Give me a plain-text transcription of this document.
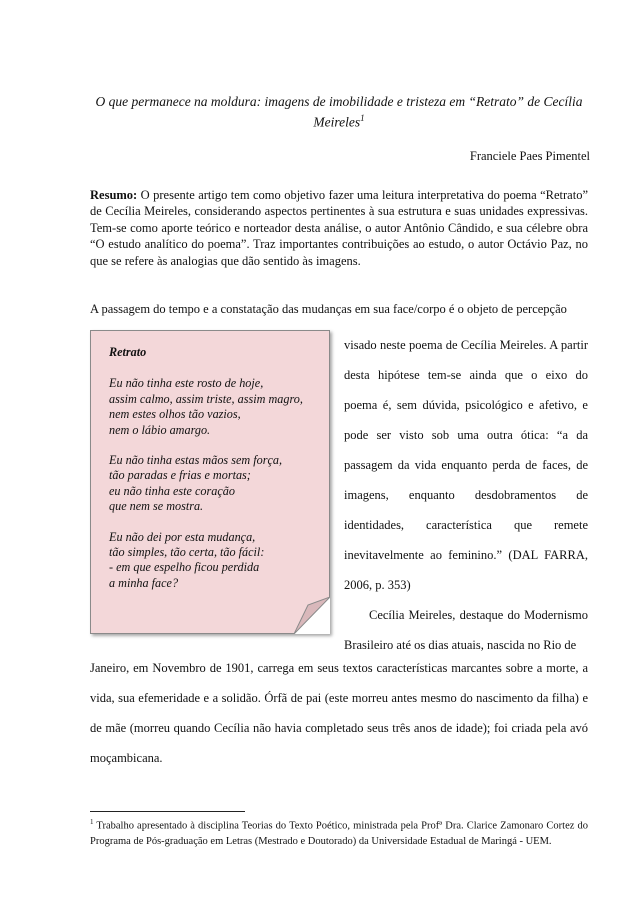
O que permanece na moldura: imagens de imobilidade e tristeza em “Retrato” de Cecília Meireles$^1$
Franciele Paes Pimentel
Resumo: O presente artigo tem como objetivo fazer uma leitura interpretativa do poema “Retrato” de Cecília Meireles, considerando aspectos pertinentes à sua estrutura e suas unidades expressivas. Tem-se como aporte teórico e norteador desta análise, o autor Antônio Cândido, e sua célebre obra “O estudo analítico do poema”. Traz importantes contribuições ao estudo, o autor Octávio Paz, no que se refere às analogias que dão sentido às imagens.
A passagem do tempo e a constatação das mudanças em sua face/corpo é o objeto de percepção
Retrato
Eu não tinha este rosto de hoje,
assim calmo, assim triste, assim magro,
nem estes olhos tão vazios,
nem o lábio amargo.
Eu não tinha estas mãos sem força,
tão paradas e frias e mortas;
eu não tinha este coração
que nem se mostra.
Eu não dei por esta mudança,
tão simples, tão certa, tão fácil:
- em que espelho ficou perdida
a minha face?

visado neste poema de Cecília Meireles. A partir desta hipótese tem-se ainda que o eixo do poema é, sem dúvida, psicológico e afetivo, e pode ser visto sob uma outra ótica: “a da passagem da vida enquanto perda de faces, de imagens, enquanto desdobramentos de identidades, característica que remete inevitavelmente ao feminino.” (DAL FARRA, 2006, p. 353)

Cecília Meireles, destaque do Modernismo Brasileiro até os dias atuais, nascida no Rio de

Janeiro, em Novembro de 1901, carrega em seus textos características marcantes sobre a morte, a vida, sua efemeridade e a solidão. Órfã de pai (este morreu antes mesmo do nascimento da filha) e de mãe (morreu quando Cecília não havia completado seus três anos de idade); foi criada pela avó moçambicana.
$^1$ Trabalho apresentado à disciplina Teorias do Texto Poético, ministrada pela Profª Dra. Clarice Zamonaro Cortez do Programa de Pós-graduação em Letras (Mestrado e Doutorado) da Universidade Estadual de Maringá - UEM.
